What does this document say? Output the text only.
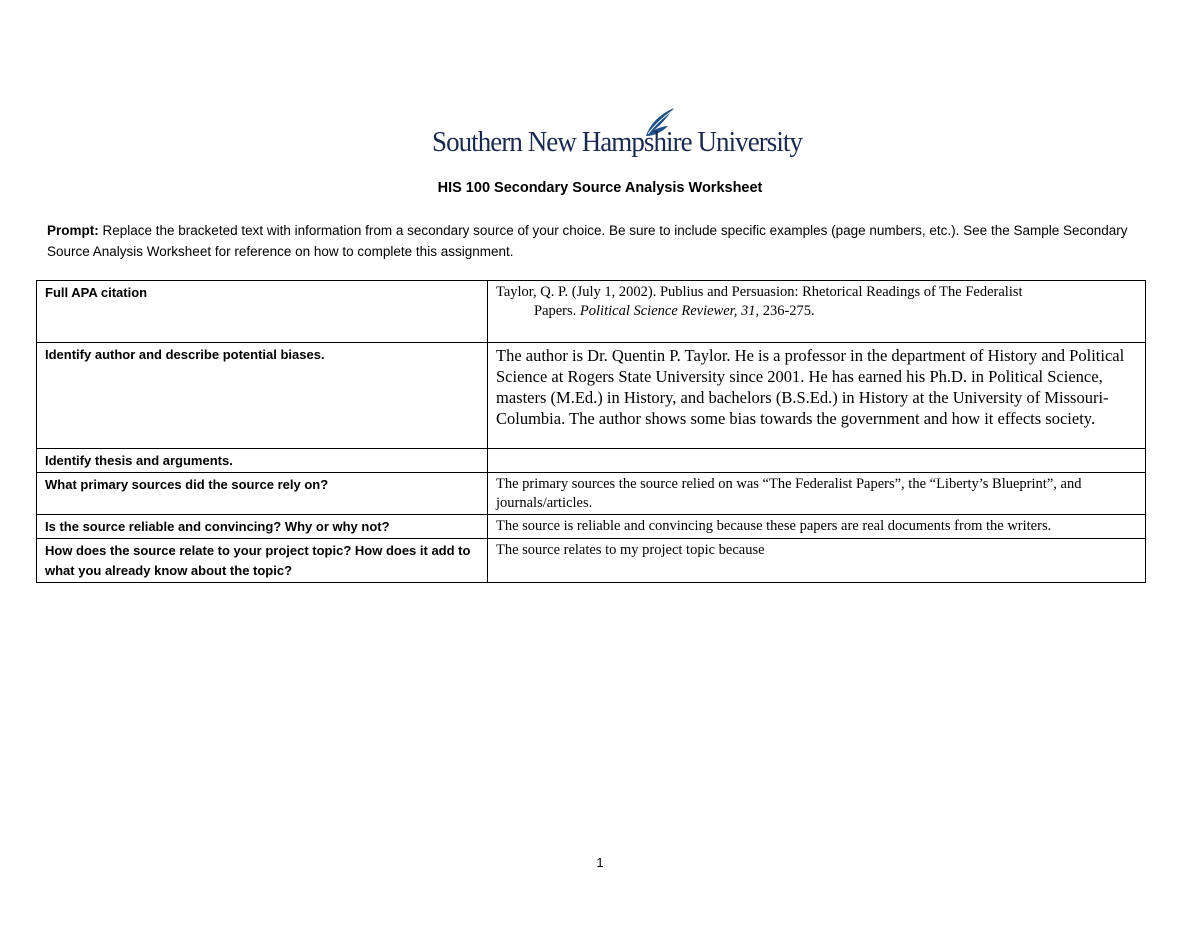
Southern New Hampshire University
HIS 100 Secondary Source Analysis Worksheet
Prompt: Replace the bracketed text with information from a secondary source of your choice. Be sure to include specific examples (page numbers, etc.). See the Sample Secondary Source Analysis Worksheet for reference on how to complete this assignment.
Full APA citation	Taylor, Q. P. (July 1, 2002). Publius and Persuasion: Rhetorical Readings of The Federalist
Papers. Political Science Reviewer, 31, 236-275.

Identify author and describe potential biases.	The author is Dr. Quentin P. Taylor. He is a professor in the department of History and Political Science at Rogers State University since 2001. He has earned his Ph.D. in Political Science, masters (M.Ed.) in History, and bachelors (B.S.Ed.) in History at the University of Missouri-Columbia. The author shows some bias towards the government and how it effects society.
Identify thesis and arguments.	
What primary sources did the source rely on?	The primary sources the source relied on was “The Federalist Papers”, the “Liberty’s Blueprint”, and journals/articles.
Is the source reliable and convincing? Why or why not?	The source is reliable and convincing because these papers are real documents from the writers.
How does the source relate to your project topic? How does it add to what you already know about the topic?	The source relates to my project topic because
1
